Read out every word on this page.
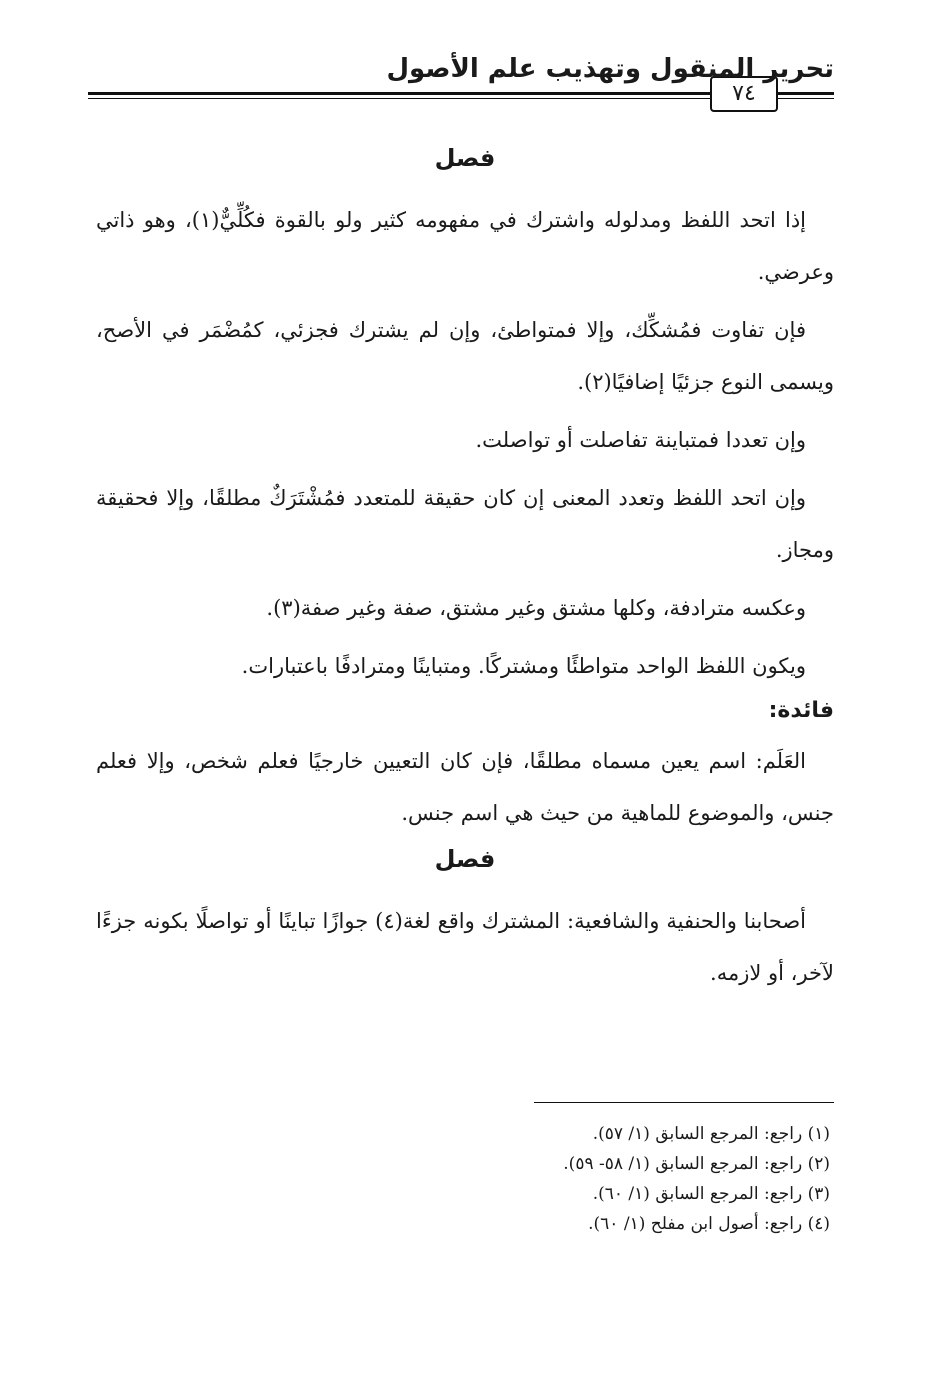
٧٤
تحرير المنقول وتهذيب علم الأصول
فصل

إذا اتحد اللفظ ومدلوله واشترك في مفهومه كثير ولو بالقوة فكُلِّيٌّ(١)، وهو ذاتي وعرضي.

فإن تفاوت فمُشكِّك، وإلا فمتواطئ، وإن لم يشترك فجزئي، كمُضْمَر في الأصح، ويسمى النوع جزئيًا إضافيًا(٢).

وإن تعددا فمتباينة تفاصلت أو تواصلت.

وإن اتحد اللفظ وتعدد المعنى إن كان حقيقة للمتعدد فمُشْتَرَكٌ مطلقًا، وإلا فحقيقة ومجاز.

وعكسه مترادفة، وكلها مشتق وغير مشتق، صفة وغير صفة(٣).

ويكون اللفظ الواحد متواطئًا ومشتركًا. ومتباينًا ومترادفًا باعتبارات.

فائدة:

العَلَم: اسم يعين مسماه مطلقًا، فإن كان التعيين خارجيًا فعلم شخص، وإلا فعلم جنس، والموضوع للماهية من حيث هي اسم جنس.

فصل

أصحابنا والحنفية والشافعية: المشترك واقع لغة(٤) جوازًا تباينًا أو تواصلًا بكونه جزءًا لآخر، أو لازمه.

(١) راجع: المرجع السابق (١/ ٥٧).
(٢) راجع: المرجع السابق (١/ ٥٨- ٥٩).
(٣) راجع: المرجع السابق (١/ ٦٠).
(٤) راجع: أصول ابن مفلح (١/ ٦٠).
